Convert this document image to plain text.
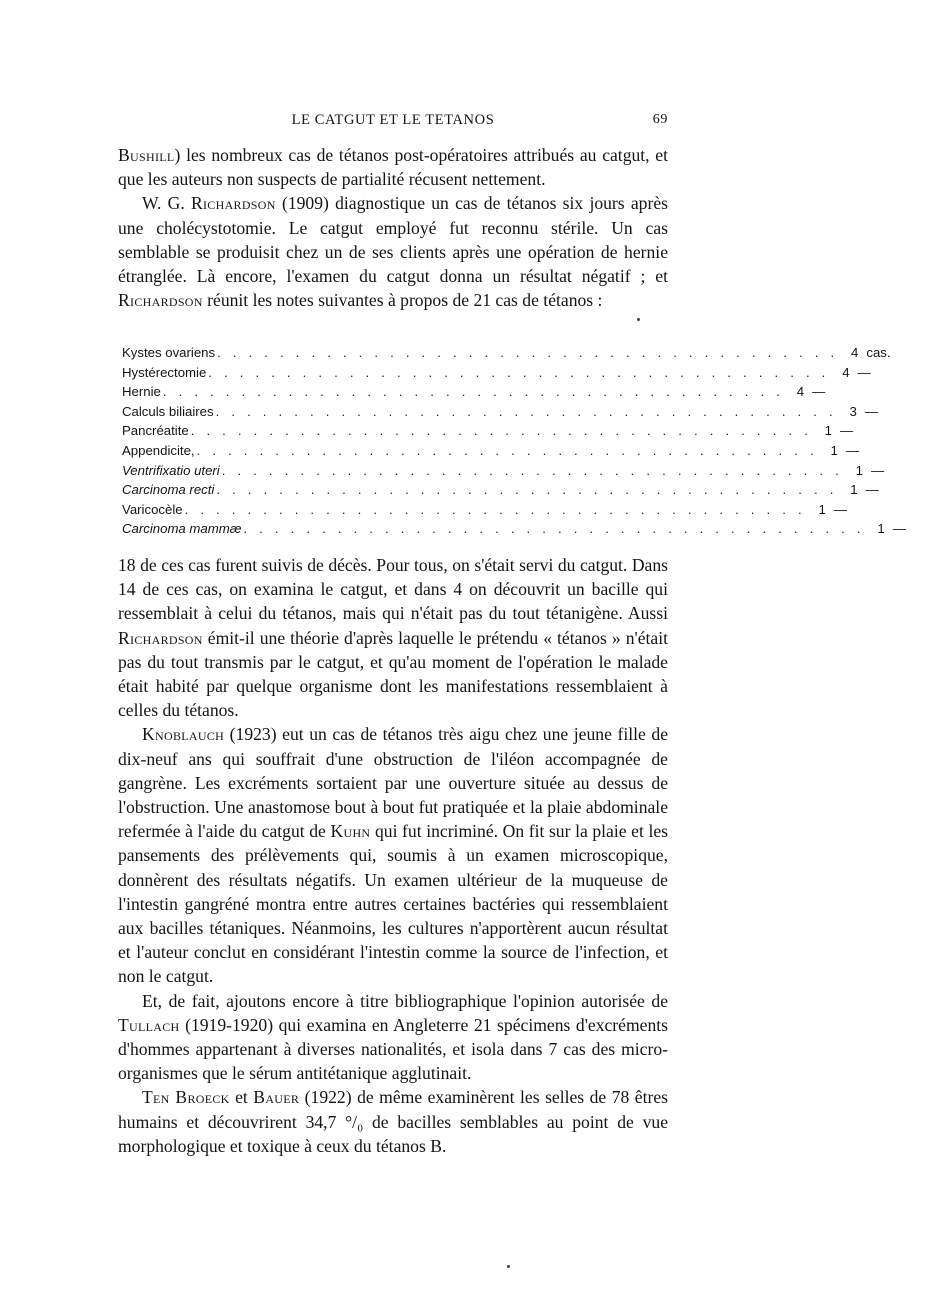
LE CATGUT ET LE TETANOS	69

Bushill) les nombreux cas de tétanos post-opératoires attribués au catgut, et que les auteurs non suspects de partialité récusent nettement.

W. G. Richardson (1909) diagnostique un cas de tétanos six jours après une cholécystotomie. Le catgut employé fut reconnu stérile. Un cas semblable se produisit chez un de ses clients après une opération de hernie étranglée. Là encore, l'examen du catgut donna un résultat négatif ; et Richardson réunit les notes suivantes à propos de 21 cas de tétanos :

Kystes ovariens . . . . . . . . . . . . . . . . . . . . . . . . . . . . . . . . . . . . . . . . 4 cas.
Hystérectomie . . . . . . . . . . . . . . . . . . . . . . . . . . . . . . . . . . . . . . . . 4 —
Hernie . . . . . . . . . . . . . . . . . . . . . . . . . . . . . . . . . . . . . . . . 4 —
Calculs biliaires . . . . . . . . . . . . . . . . . . . . . . . . . . . . . . . . . . . . . . . . 3 —
Pancréatite . . . . . . . . . . . . . . . . . . . . . . . . . . . . . . . . . . . . . . . . 1 —
Appendicite, . . . . . . . . . . . . . . . . . . . . . . . . . . . . . . . . . . . . . . . . 1 —
Ventrifixatio uteri . . . . . . . . . . . . . . . . . . . . . . . . . . . . . . . . . . . . . . . . 1 —
Carcinoma recti . . . . . . . . . . . . . . . . . . . . . . . . . . . . . . . . . . . . . . . . 1 —
Varicocèle . . . . . . . . . . . . . . . . . . . . . . . . . . . . . . . . . . . . . . . . 1 —
Carcinoma mammæ . . . . . . . . . . . . . . . . . . . . . . . . . . . . . . . . . . . . . . . . 1 —

18 de ces cas furent suivis de décès. Pour tous, on s'était servi du catgut. Dans 14 de ces cas, on examina le catgut, et dans 4 on découvrit un bacille qui ressemblait à celui du tétanos, mais qui n'était pas du tout tétanigène. Aussi Richardson émit-il une théorie d'après laquelle le prétendu « tétanos » n'était pas du tout transmis par le catgut, et qu'au moment de l'opération le malade était habité par quelque organisme dont les manifestations ressemblaient à celles du tétanos.

Knoblauch (1923) eut un cas de tétanos très aigu chez une jeune fille de dix-neuf ans qui souffrait d'une obstruction de l'iléon accompagnée de gangrène. Les excréments sortaient par une ouverture située au dessus de l'obstruction. Une anastomose bout à bout fut pratiquée et la plaie abdominale refermée à l'aide du catgut de Kuhn qui fut incriminé. On fit sur la plaie et les pansements des prélèvements qui, soumis à un examen microscopique, donnèrent des résultats négatifs. Un examen ultérieur de la muqueuse de l'intestin gangréné montra entre autres certaines bactéries qui ressemblaient aux bacilles tétaniques. Néanmoins, les cultures n'apportèrent aucun résultat et l'auteur conclut en considérant l'intestin comme la source de l'infection, et non le catgut.

Et, de fait, ajoutons encore à titre bibliographique l'opinion autorisée de Tullach (1919-1920) qui examina en Angleterre 21 spécimens d'excréments d'hommes appartenant à diverses nationalités, et isola dans 7 cas des micro-organismes que le sérum antitétanique agglutinait.

Ten Broeck et Bauer (1922) de même examinèrent les selles de 78 êtres humains et découvrirent 34,7 °/₀ de bacilles semblables au point de vue morphologique et toxique à ceux du tétanos B.
